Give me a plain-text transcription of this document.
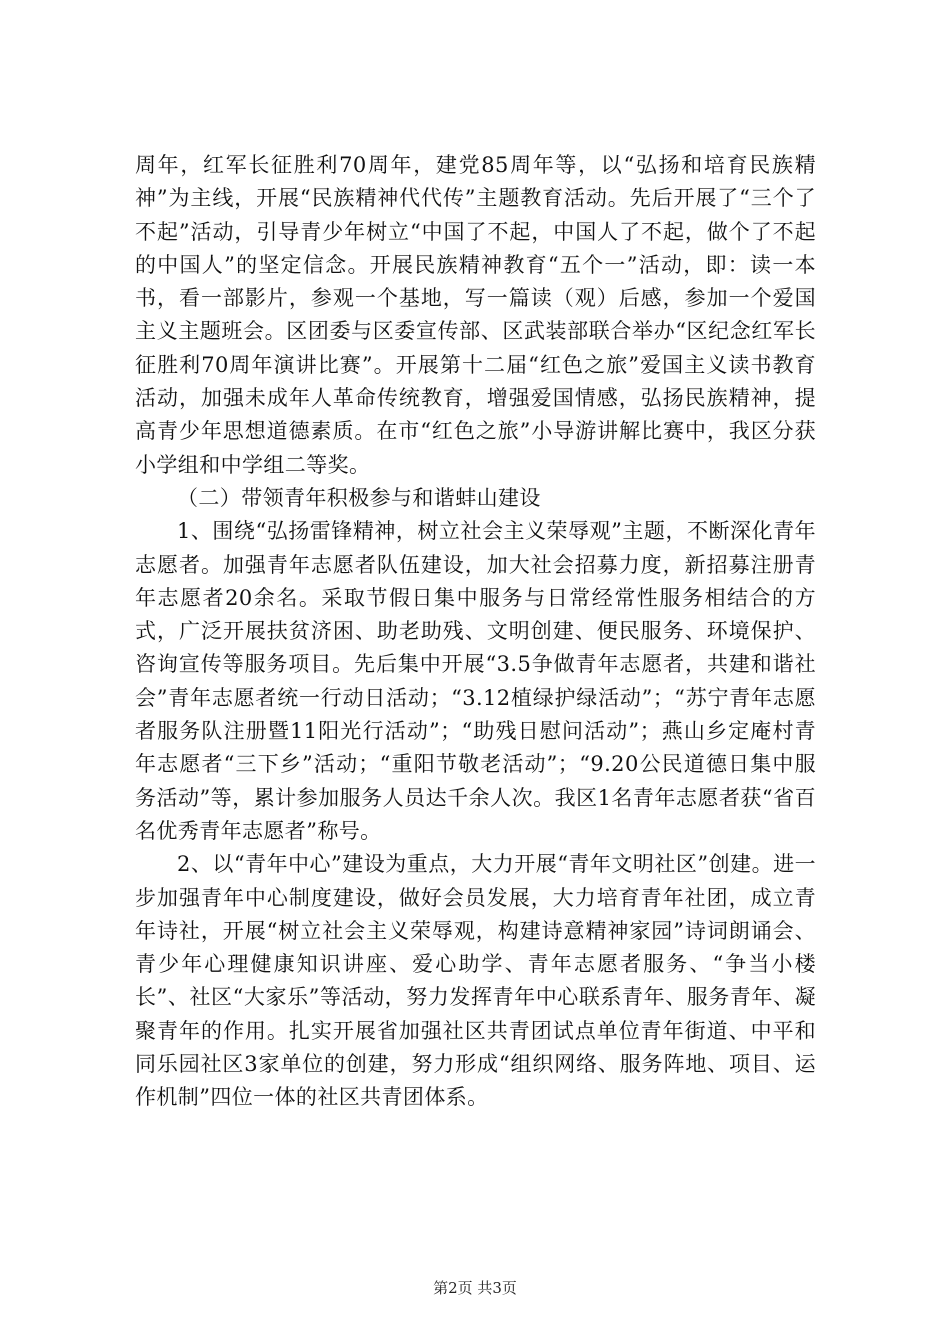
周年，红军长征胜利70周年，建党85周年等，以“弘扬和培育民族精神”为主线，开展“民族精神代代传”主题教育活动。先后开展了“三个了不起”活动，引导青少年树立“中国了不起，中国人了不起，做个了不起的中国人”的坚定信念。开展民族精神教育“五个一”活动，即：读一本书，看一部影片，参观一个基地，写一篇读（观）后感，参加一个爱国主义主题班会。区团委与区委宣传部、区武装部联合举办“区纪念红军长征胜利70周年演讲比赛”。开展第十二届“红色之旅”爱国主义读书教育活动，加强未成年人革命传统教育，增强爱国情感，弘扬民族精神，提高青少年思想道德素质。在市“红色之旅”小导游讲解比赛中，我区分获小学组和中学组二等奖。

（二）带领青年积极参与和谐蚌山建设

1、围绕“弘扬雷锋精神，树立社会主义荣辱观”主题，不断深化青年志愿者。加强青年志愿者队伍建设，加大社会招募力度，新招募注册青年志愿者20余名。采取节假日集中服务与日常经常性服务相结合的方式，广泛开展扶贫济困、助老助残、文明创建、便民服务、环境保护、咨询宣传等服务项目。先后集中开展“3.5争做青年志愿者，共建和谐社会”青年志愿者统一行动日活动；“3.12植绿护绿活动”；“苏宁青年志愿者服务队注册暨11阳光行活动”；“助残日慰问活动”；燕山乡定庵村青年志愿者“三下乡”活动；“重阳节敬老活动”；“9.20公民道德日集中服务活动”等，累计参加服务人员达千余人次。我区1名青年志愿者获“省百名优秀青年志愿者”称号。

2、以“青年中心”建设为重点，大力开展“青年文明社区”创建。进一步加强青年中心制度建设，做好会员发展，大力培育青年社团，成立青年诗社，开展“树立社会主义荣辱观，构建诗意精神家园”诗词朗诵会、青少年心理健康知识讲座、爱心助学、青年志愿者服务、“争当小楼长”、社区“大家乐”等活动，努力发挥青年中心联系青年、服务青年、凝聚青年的作用。扎实开展省加强社区共青团试点单位青年街道、中平和同乐园社区3家单位的创建，努力形成“组织网络、服务阵地、项目、运作机制”四位一体的社区共青团体系。

第2页 共3页
